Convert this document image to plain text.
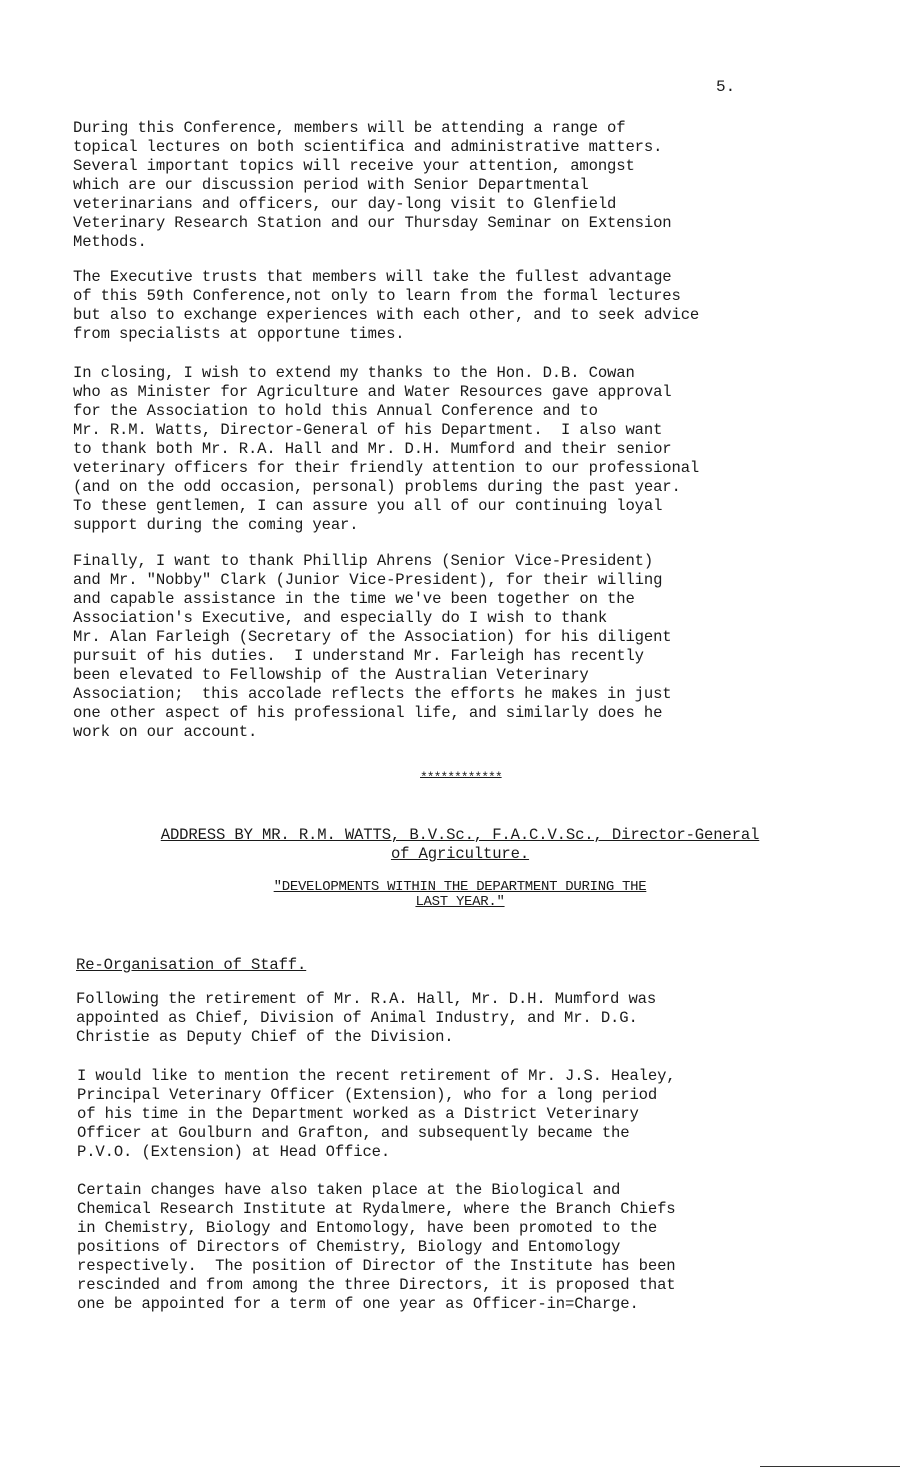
5.

During this Conference, members will be attending a range of
topical lectures on both scientifica and administrative matters.
Several important topics will receive your attention, amongst
which are our discussion period with Senior Departmental
veterinarians and officers, our day-long visit to Glenfield
Veterinary Research Station and our Thursday Seminar on Extension
Methods.

The Executive trusts that members will take the fullest advantage
of this 59th Conference,not only to learn from the formal lectures
but also to exchange experiences with each other, and to seek advice
from specialists at opportune times.

In closing, I wish to extend my thanks to the Hon. D.B. Cowan
who as Minister for Agriculture and Water Resources gave approval
for the Association to hold this Annual Conference and to
Mr. R.M. Watts, Director-General of his Department.  I also want
to thank both Mr. R.A. Hall and Mr. D.H. Mumford and their senior
veterinary officers for their friendly attention to our professional
(and on the odd occasion, personal) problems during the past year.
To these gentlemen, I can assure you all of our continuing loyal
support during the coming year.

Finally, I want to thank Phillip Ahrens (Senior Vice-President)
and Mr. "Nobby" Clark (Junior Vice-President), for their willing
and capable assistance in the time we've been together on the
Association's Executive, and especially do I wish to thank
Mr. Alan Farleigh (Secretary of the Association) for his diligent
pursuit of his duties.  I understand Mr. Farleigh has recently
been elevated to Fellowship of the Australian Veterinary
Association;  this accolade reflects the efforts he makes in just
one other aspect of his professional life, and similarly does he
work on our account.

************
ADDRESS BY MR. R.M. WATTS, B.V.Sc., F.A.C.V.Sc., Director-General
of Agriculture.
"DEVELOPMENTS WITHIN THE DEPARTMENT DURING THE
LAST YEAR."
Re-Organisation of Staff.

Following the retirement of Mr. R.A. Hall, Mr. D.H. Mumford was
appointed as Chief, Division of Animal Industry, and Mr. D.G.
Christie as Deputy Chief of the Division.

I would like to mention the recent retirement of Mr. J.S. Healey,
Principal Veterinary Officer (Extension), who for a long period
of his time in the Department worked as a District Veterinary
Officer at Goulburn and Grafton, and subsequently became the
P.V.O. (Extension) at Head Office.

Certain changes have also taken place at the Biological and
Chemical Research Institute at Rydalmere, where the Branch Chiefs
in Chemistry, Biology and Entomology, have been promoted to the
positions of Directors of Chemistry, Biology and Entomology
respectively.  The position of Director of the Institute has been
rescinded and from among the three Directors, it is proposed that
one be appointed for a term of one year as Officer-in=Charge.
